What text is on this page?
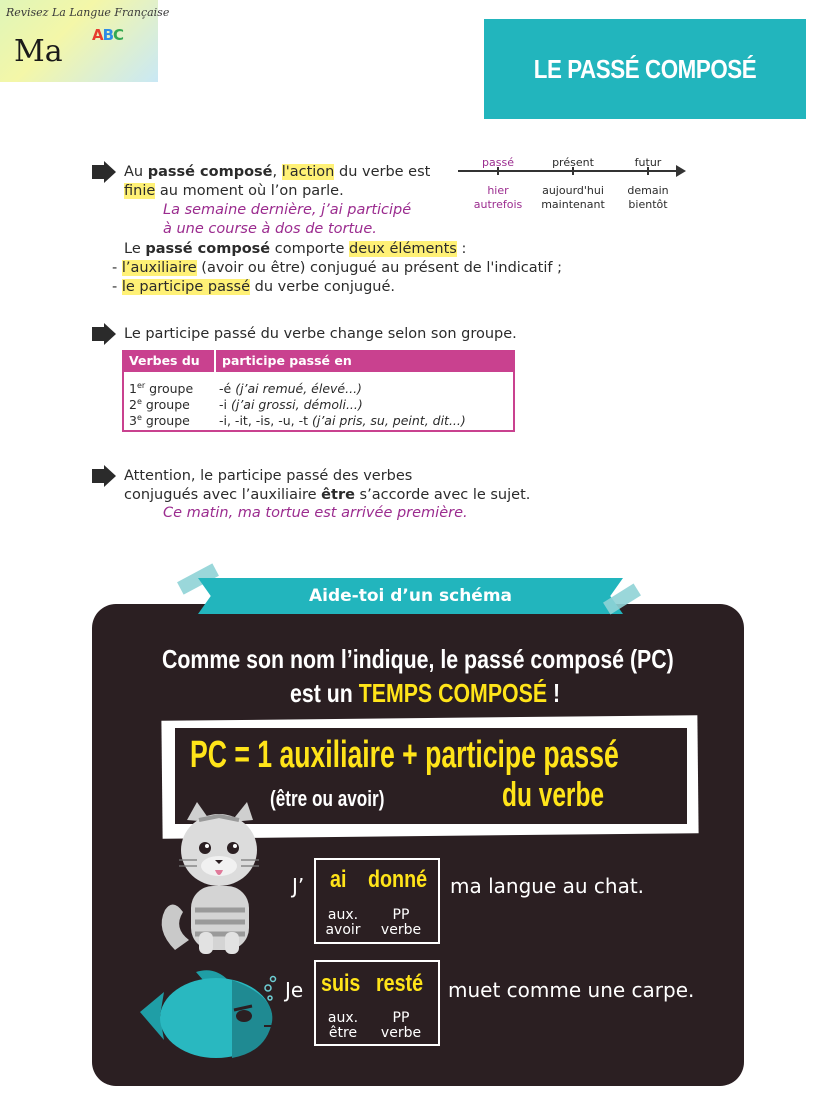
Revisez La Langue Française
Ma ABC
LE PASSÉ COMPOSÉ
Au passé composé, l'action du verbe est
finie au moment où l’on parle.
La semaine dernière, j’ai participé
à une course à dos de tortue.
Le passé composé comporte deux éléments :
- l’auxiliaire (avoir ou être) conjugué au présent de l'indicatif ;
- le participe passé du verbe conjugué.
passé	présent	futur
hier	aujourd'hui	demain
autrefois	maintenant	bientôt
Le participe passé du verbe change selon son groupe.
Verbes du participe passé en
1er groupe -é (j’ai remué, élevé...)
2e groupe -i (j’ai grossi, démoli...)
3e groupe -i, -it, -is, -u, -t (j’ai pris, su, peint, dit...)
Attention, le participe passé des verbes
conjugués avec l’auxiliaire être s’accorde avec le sujet.
Ce matin, ma tortue est arrivée première.
Aide-toi d’un schéma
Comme son nom l’indique, le passé composé (PC)
est un TEMPS COMPOSÉ !
PC = 1 auxiliaire + participe passé
(être ou avoir)	du verbe
J’ ai donné
aux.
avoir
PP
verbe
ma langue au chat.
Je suis resté
aux.
être
PP
verbe
muet comme une carpe.
